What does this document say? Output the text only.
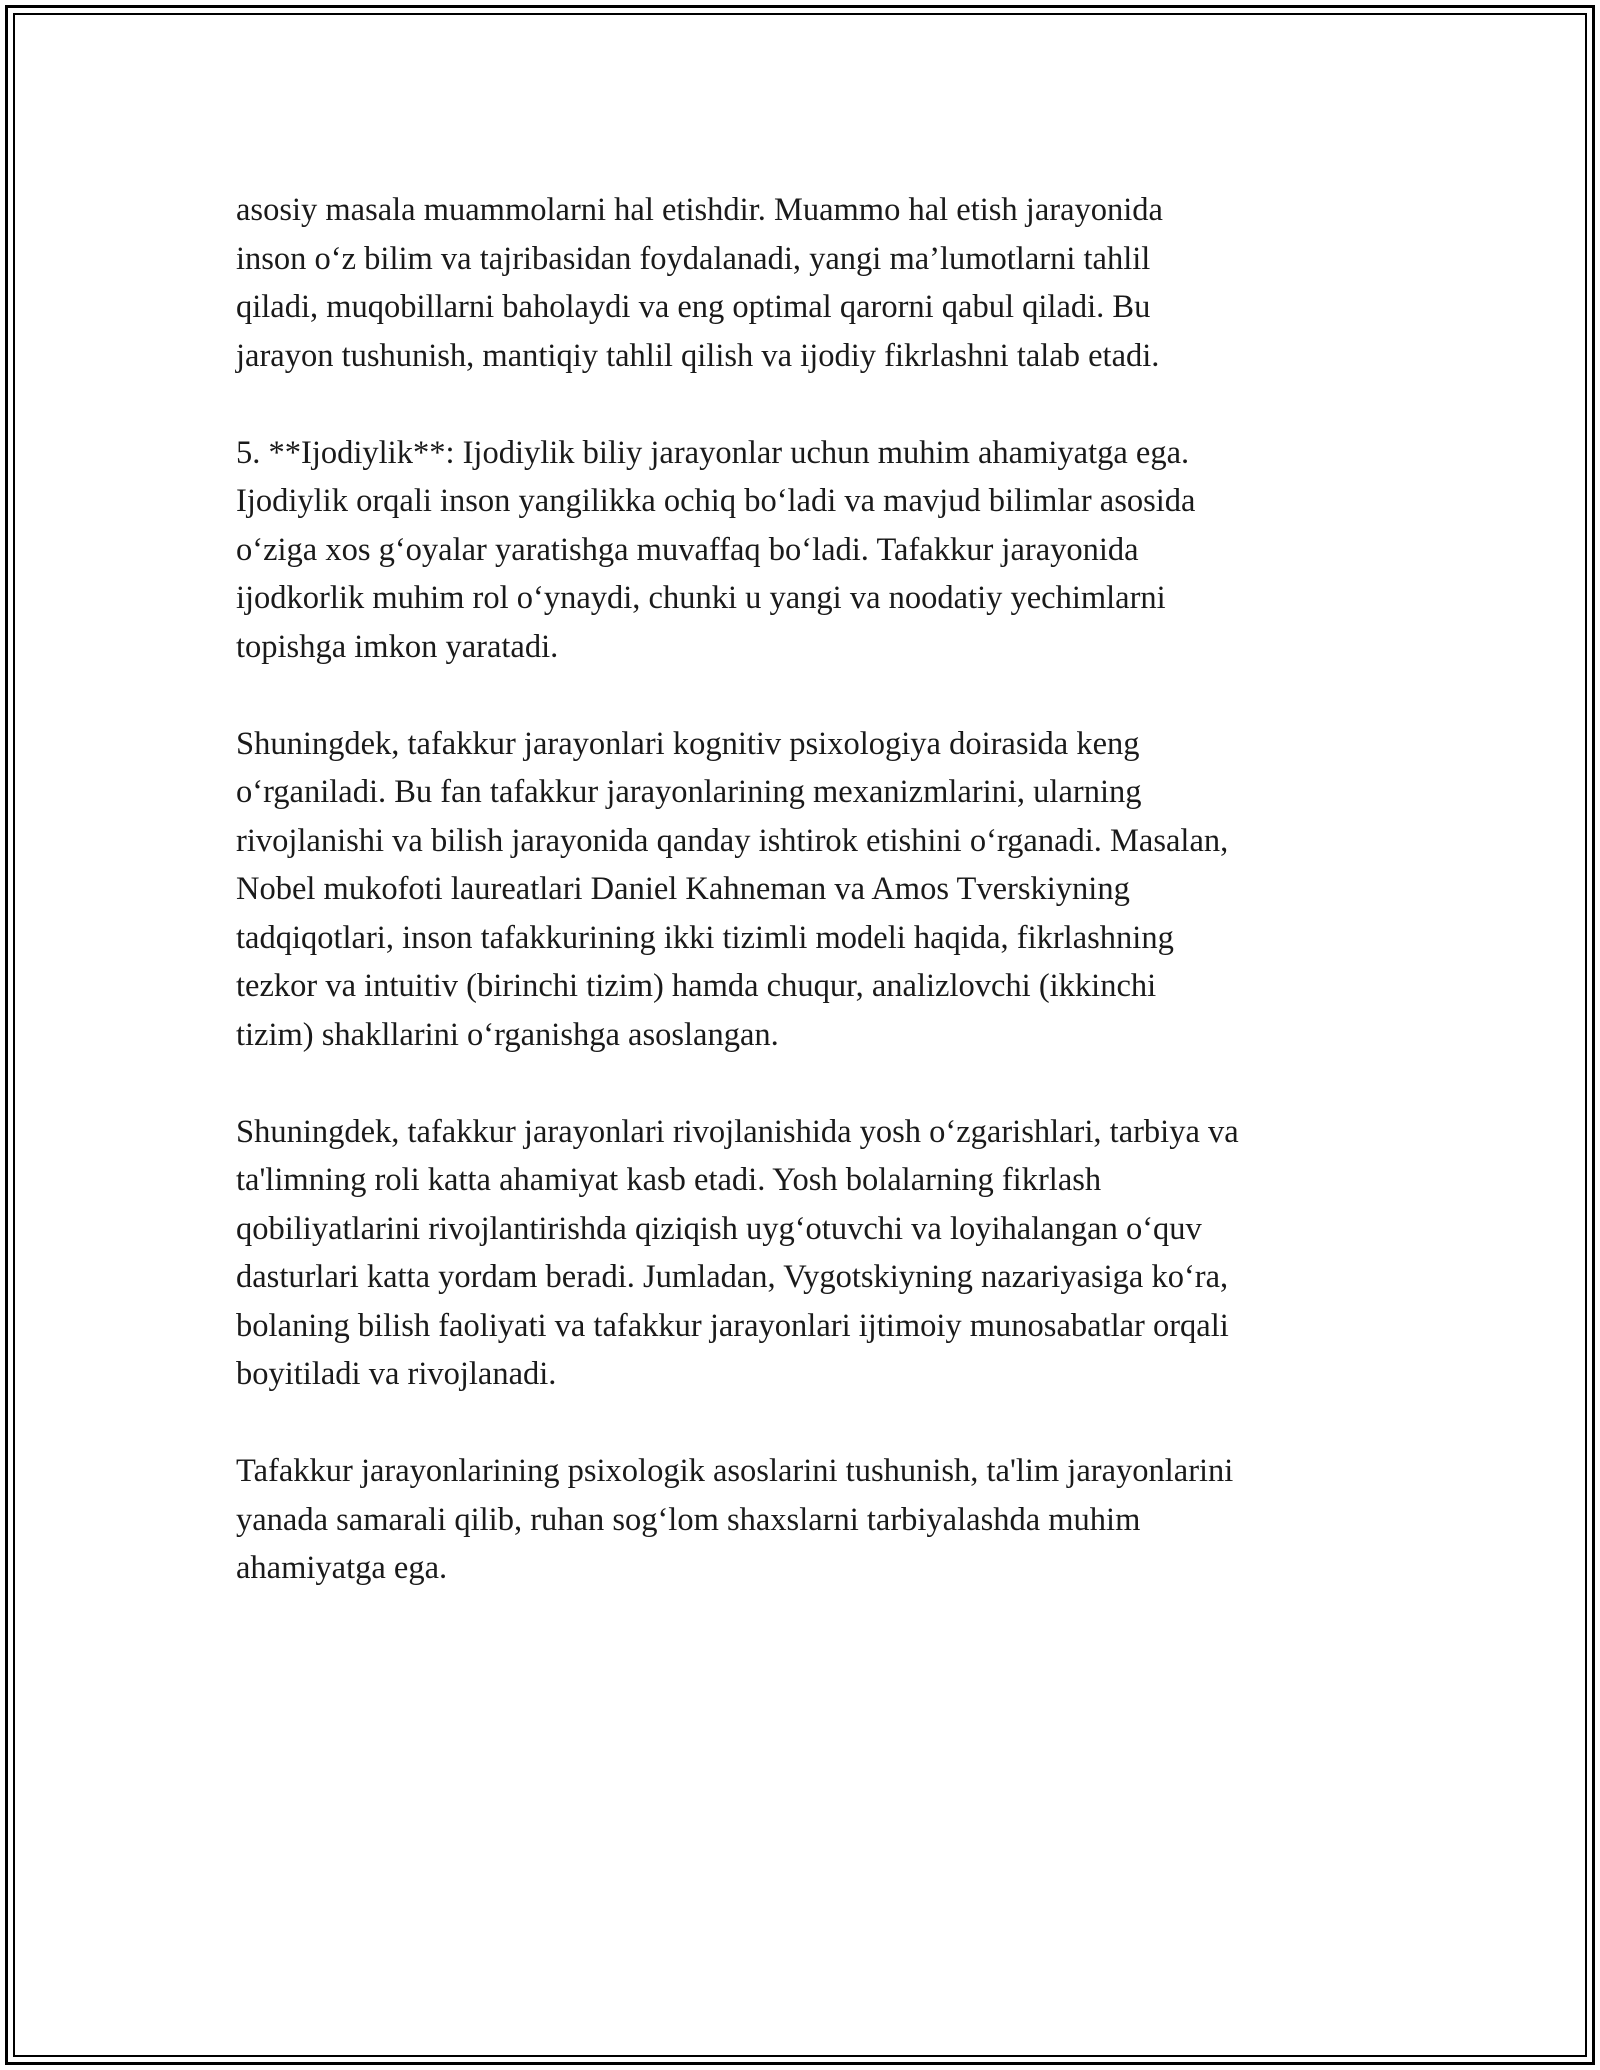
asosiy masala muammolarni hal etishdir. Muammo hal etish jarayonida
inson o‘z bilim va tajribasidan foydalanadi, yangi ma’lumotlarni tahlil
qiladi, muqobillarni baholaydi va eng optimal qarorni qabul qiladi. Bu
jarayon tushunish, mantiqiy tahlil qilish va ijodiy fikrlashni talab etadi.

5. **Ijodiylik**: Ijodiylik biliy jarayonlar uchun muhim ahamiyatga ega.
Ijodiylik orqali inson yangilikka ochiq bo‘ladi va mavjud bilimlar asosida
o‘ziga xos g‘oyalar yaratishga muvaffaq bo‘ladi. Tafakkur jarayonida
ijodkorlik muhim rol o‘ynaydi, chunki u yangi va noodatiy yechimlarni
topishga imkon yaratadi.

Shuningdek, tafakkur jarayonlari kognitiv psixologiya doirasida keng
o‘rganiladi. Bu fan tafakkur jarayonlarining mexanizmlarini, ularning
rivojlanishi va bilish jarayonida qanday ishtirok etishini o‘rganadi. Masalan,
Nobel mukofoti laureatlari Daniel Kahneman va Amos Tverskiyning
tadqiqotlari, inson tafakkurining ikki tizimli modeli haqida, fikrlashning
tezkor va intuitiv (birinchi tizim) hamda chuqur, analizlovchi (ikkinchi
tizim) shakllarini o‘rganishga asoslangan.

Shuningdek, tafakkur jarayonlari rivojlanishida yosh o‘zgarishlari, tarbiya va
ta'limning roli katta ahamiyat kasb etadi. Yosh bolalarning fikrlash
qobiliyatlarini rivojlantirishda qiziqish uyg‘otuvchi va loyihalangan o‘quv
dasturlari katta yordam beradi. Jumladan, Vygotskiyning nazariyasiga ko‘ra,
bolaning bilish faoliyati va tafakkur jarayonlari ijtimoiy munosabatlar orqali
boyitiladi va rivojlanadi.

Tafakkur jarayonlarining psixologik asoslarini tushunish, ta'lim jarayonlarini
yanada samarali qilib, ruhan sog‘lom shaxslarni tarbiyalashda muhim
ahamiyatga ega.
